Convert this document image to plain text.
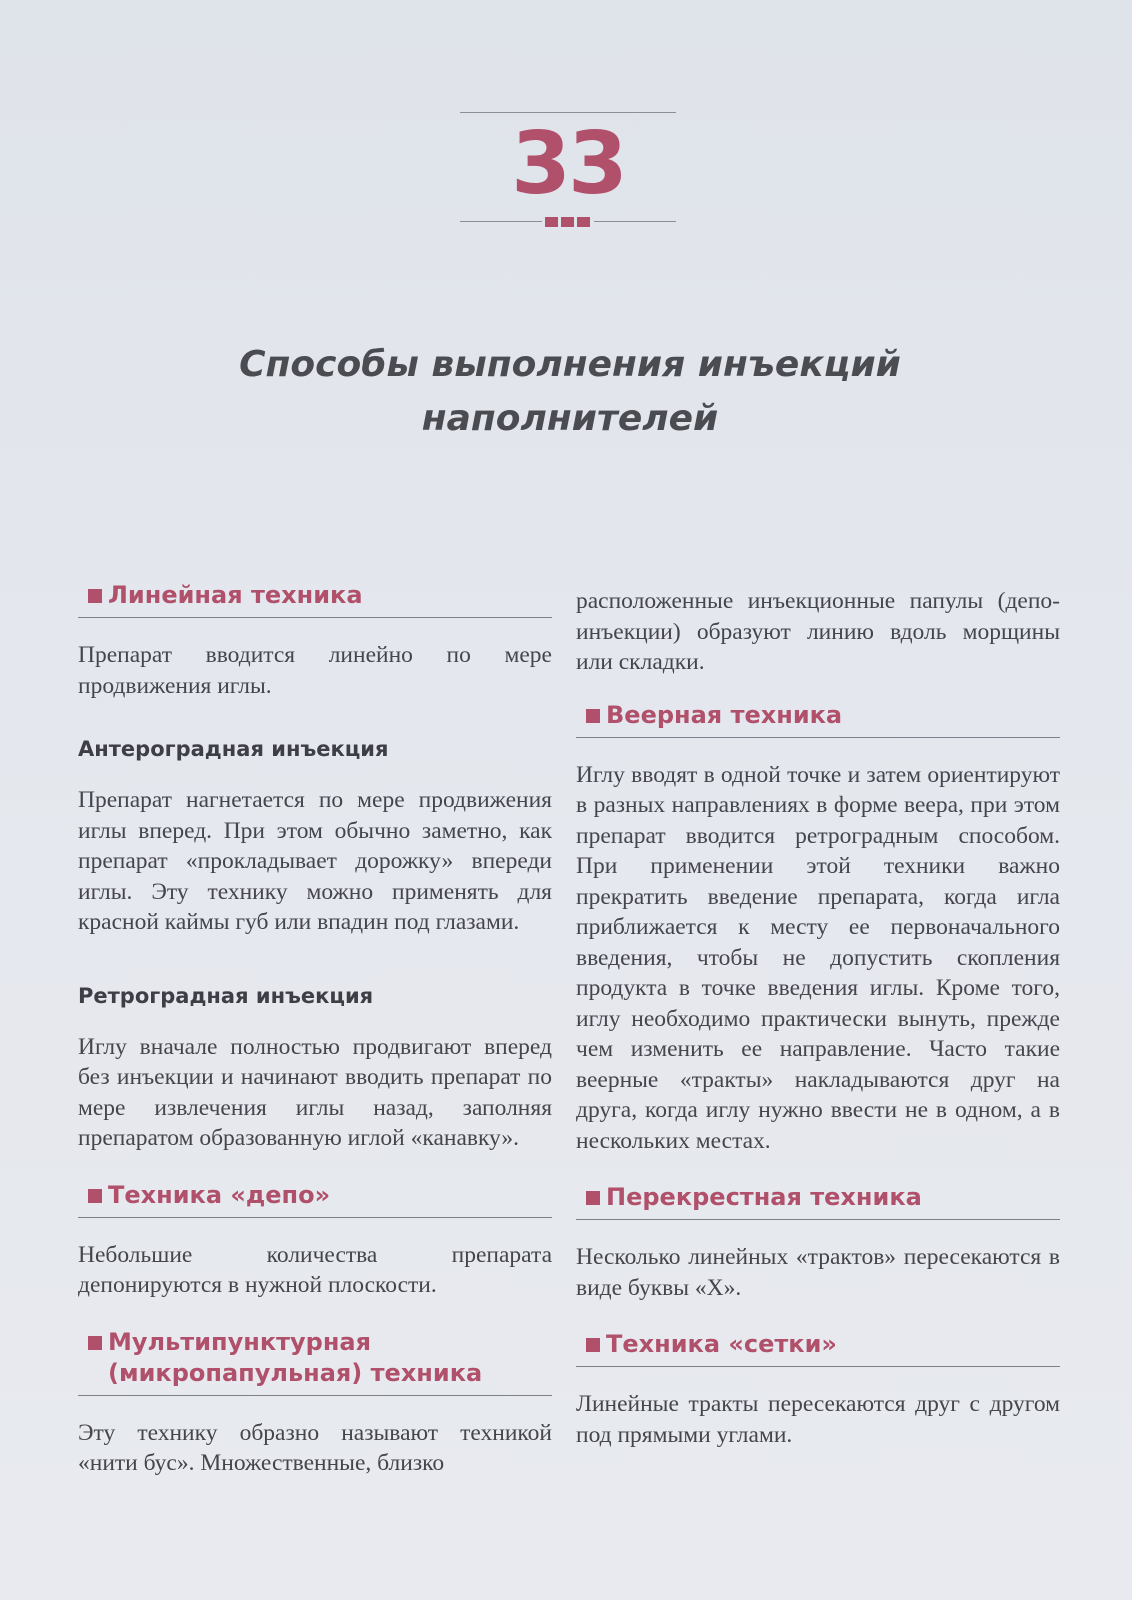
33
Способы выполнения инъекций
наполнителей
Линейная техника

Препарат вводится линейно по мере продвижения иглы.

Антероградная инъекция

Препарат нагнетается по мере продвижения иглы вперед. При этом обычно заметно, как препарат «прокладывает дорожку» впереди иглы. Эту технику можно применять для красной каймы губ или впадин под глазами.

Ретроградная инъекция

Иглу вначале полностью продвигают вперед без инъекции и начинают вводить препарат по мере извлечения иглы назад, заполняя препаратом образованную иглой «канавку».

Техника «депо»

Небольшие количества препарата депонируются в нужной плоскости.

Мультипунктурная
(микропапульная) техника

Эту технику образно называют техникой «нити бус». Множественные, близко

расположенные инъекционные папулы (депо-инъекции) образуют линию вдоль морщины или складки.

Веерная техника

Иглу вводят в одной точке и затем ориентируют в разных направлениях в форме веера, при этом препарат вводится ретроградным способом. При применении этой техники важно прекратить введение препарата, когда игла приближается к месту ее первоначального введения, чтобы не допустить скопления продукта в точке введения иглы. Кроме того, иглу необходимо практически вынуть, прежде чем изменить ее направление. Часто такие веерные «тракты» накладываются друг на друга, когда иглу нужно ввести не в одном, а в нескольких местах.

Перекрестная техника

Несколько линейных «трактов» пересекаются в виде буквы «Х».

Техника «сетки»

Линейные тракты пересекаются друг с другом под прямыми углами.
